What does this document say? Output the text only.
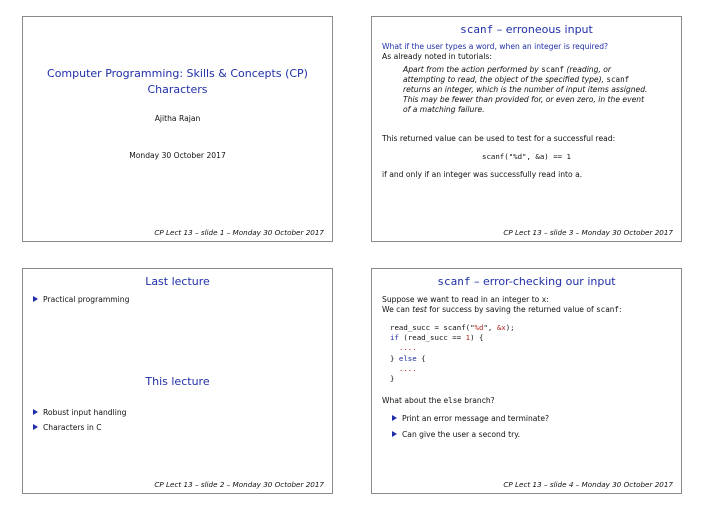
Computer Programming: Skills & Concepts (CP)
Characters
Ajitha Rajan
Monday 30 October 2017
CP Lect 13 – slide 1 – Monday 30 October 2017
scanf – erroneous input
What if the user types a word, when an integer is required?
As already noted in tutorials:
Apart from the action performed by scanf (reading, or
attempting to read, the object of the specified type), scanf
returns an integer, which is the number of input items assigned.
This may be fewer than provided for, or even zero, in the event
of a matching failure.
This returned value can be used to test for a successful read:
scanf("%d", &a) == 1
if and only if an integer was successfully read into a.
CP Lect 13 – slide 3 – Monday 30 October 2017
Last lecture
Practical programming
This lecture
Robust input handling
Characters in C
CP Lect 13 – slide 2 – Monday 30 October 2017
scanf – error-checking our input
Suppose we want to read in an integer to x:
We can test for success by saving the returned value of scanf:
read_succ = scanf("%d", &x);
if (read_succ == 1) {
....
} else {
....
}
What about the else branch?
Print an error message and terminate?
Can give the user a second try.
CP Lect 13 – slide 4 – Monday 30 October 2017
